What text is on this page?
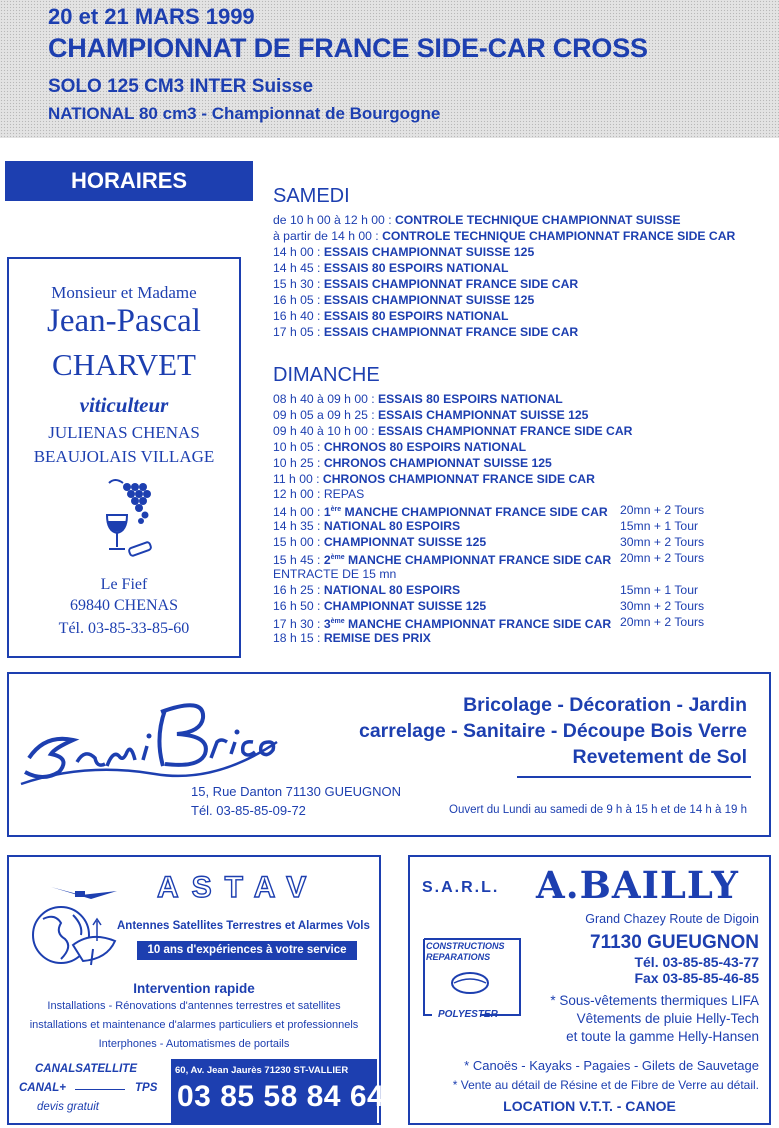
20 et 21 MARS 1999
CHAMPIONNAT DE FRANCE SIDE-CAR CROSS
SOLO 125 CM3 INTER Suisse
NATIONAL 80 cm3 - Championnat de Bourgogne
HORAIRES
Monsieur et Madame
Jean-Pascal
CHARVET
viticulteur
JULIENAS CHENAS
BEAUJOLAIS VILLAGE
Le Fief
69840 CHENAS
Tél. 03-85-33-85-60
SAMEDI
de 10 h 00 à 12 h 00 : CONTROLE TECHNIQUE CHAMPIONNAT SUISSE
à partir de 14 h 00 : CONTROLE TECHNIQUE CHAMPIONNAT FRANCE SIDE CAR
14 h 00 : ESSAIS CHAMPIONNAT SUISSE 125
14 h 45 : ESSAIS 80 ESPOIRS NATIONAL
15 h 30 : ESSAIS CHAMPIONNAT FRANCE SIDE CAR
16 h 05 : ESSAIS CHAMPIONNAT SUISSE 125
16 h 40 : ESSAIS 80 ESPOIRS NATIONAL
17 h 05 : ESSAIS CHAMPIONNAT FRANCE SIDE CAR
DIMANCHE
08 h 40 à 09 h 00 : ESSAIS 80 ESPOIRS NATIONAL
09 h 05 a 09 h 25 : ESSAIS CHAMPIONNAT SUISSE 125
09 h 40 à 10 h 00 : ESSAIS CHAMPIONNAT FRANCE SIDE CAR
10 h 05 : CHRONOS 80 ESPOIRS NATIONAL
10 h 25 : CHRONOS CHAMPIONNAT SUISSE 125
11 h 00 : CHRONOS CHAMPIONNAT FRANCE SIDE CAR
12 h 00 : REPAS
14 h 00 : 1ère MANCHE CHAMPIONNAT FRANCE SIDE CAR 20mn + 2 Tours
14 h 35 : NATIONAL 80 ESPOIRS	15mn + 1 Tour
15 h 00 : CHAMPIONNAT SUISSE 125	30mn + 2 Tours
15 h 45 : 2ème MANCHE CHAMPIONNAT FRANCE SIDE CAR 20mn + 2 Tours
ENTRACTE DE 15 mn
16 h 25 : NATIONAL 80 ESPOIRS	15mn + 1 Tour
16 h 50 : CHAMPIONNAT SUISSE 125	30mn + 2 Tours
17 h 30 : 3ème MANCHE CHAMPIONNAT FRANCE SIDE CAR 20mn + 2 Tours
18 h 15 : REMISE DES PRIX
Bricolage - Décoration - Jardin
carrelage - Sanitaire - Découpe Bois Verre
Revetement de Sol
15, Rue Danton 71130 GUEUGNON
Tél. 03-85-85-09-72	Ouvert du Lundi au samedi de 9 h à 15 h et de 14 h à 19 h
ASTAV
Antennes Satellites Terrestres et Alarmes Vols
10 ans d'expériences à votre service
Intervention rapide
Installations - Rénovations d'antennes terrestres et satellites
installations et maintenance d'alarmes particuliers et professionnels
Interphones - Automatismes de portails
CANALSATELLITE
CANAL+	TPS
devis gratuit
60, Av. Jean Jaurès 71230 ST-VALLIER
03 85 58 84 64
S.A.R.L. A.BAILLY
Grand Chazey Route de Digoin
71130 GUEUGNON
Tél. 03-85-85-43-77
Fax 03-85-85-46-85
CONSTRUCTIONS
REPARATIONS
POLYESTER
* Sous-vêtements thermiques LIFA
Vêtements de pluie Helly-Tech
et toute la gamme Helly-Hansen
* Canoës - Kayaks - Pagaies - Gilets de Sauvetage
* Vente au détail de Résine et de Fibre de Verre au détail.
LOCATION V.T.T. - CANOE
